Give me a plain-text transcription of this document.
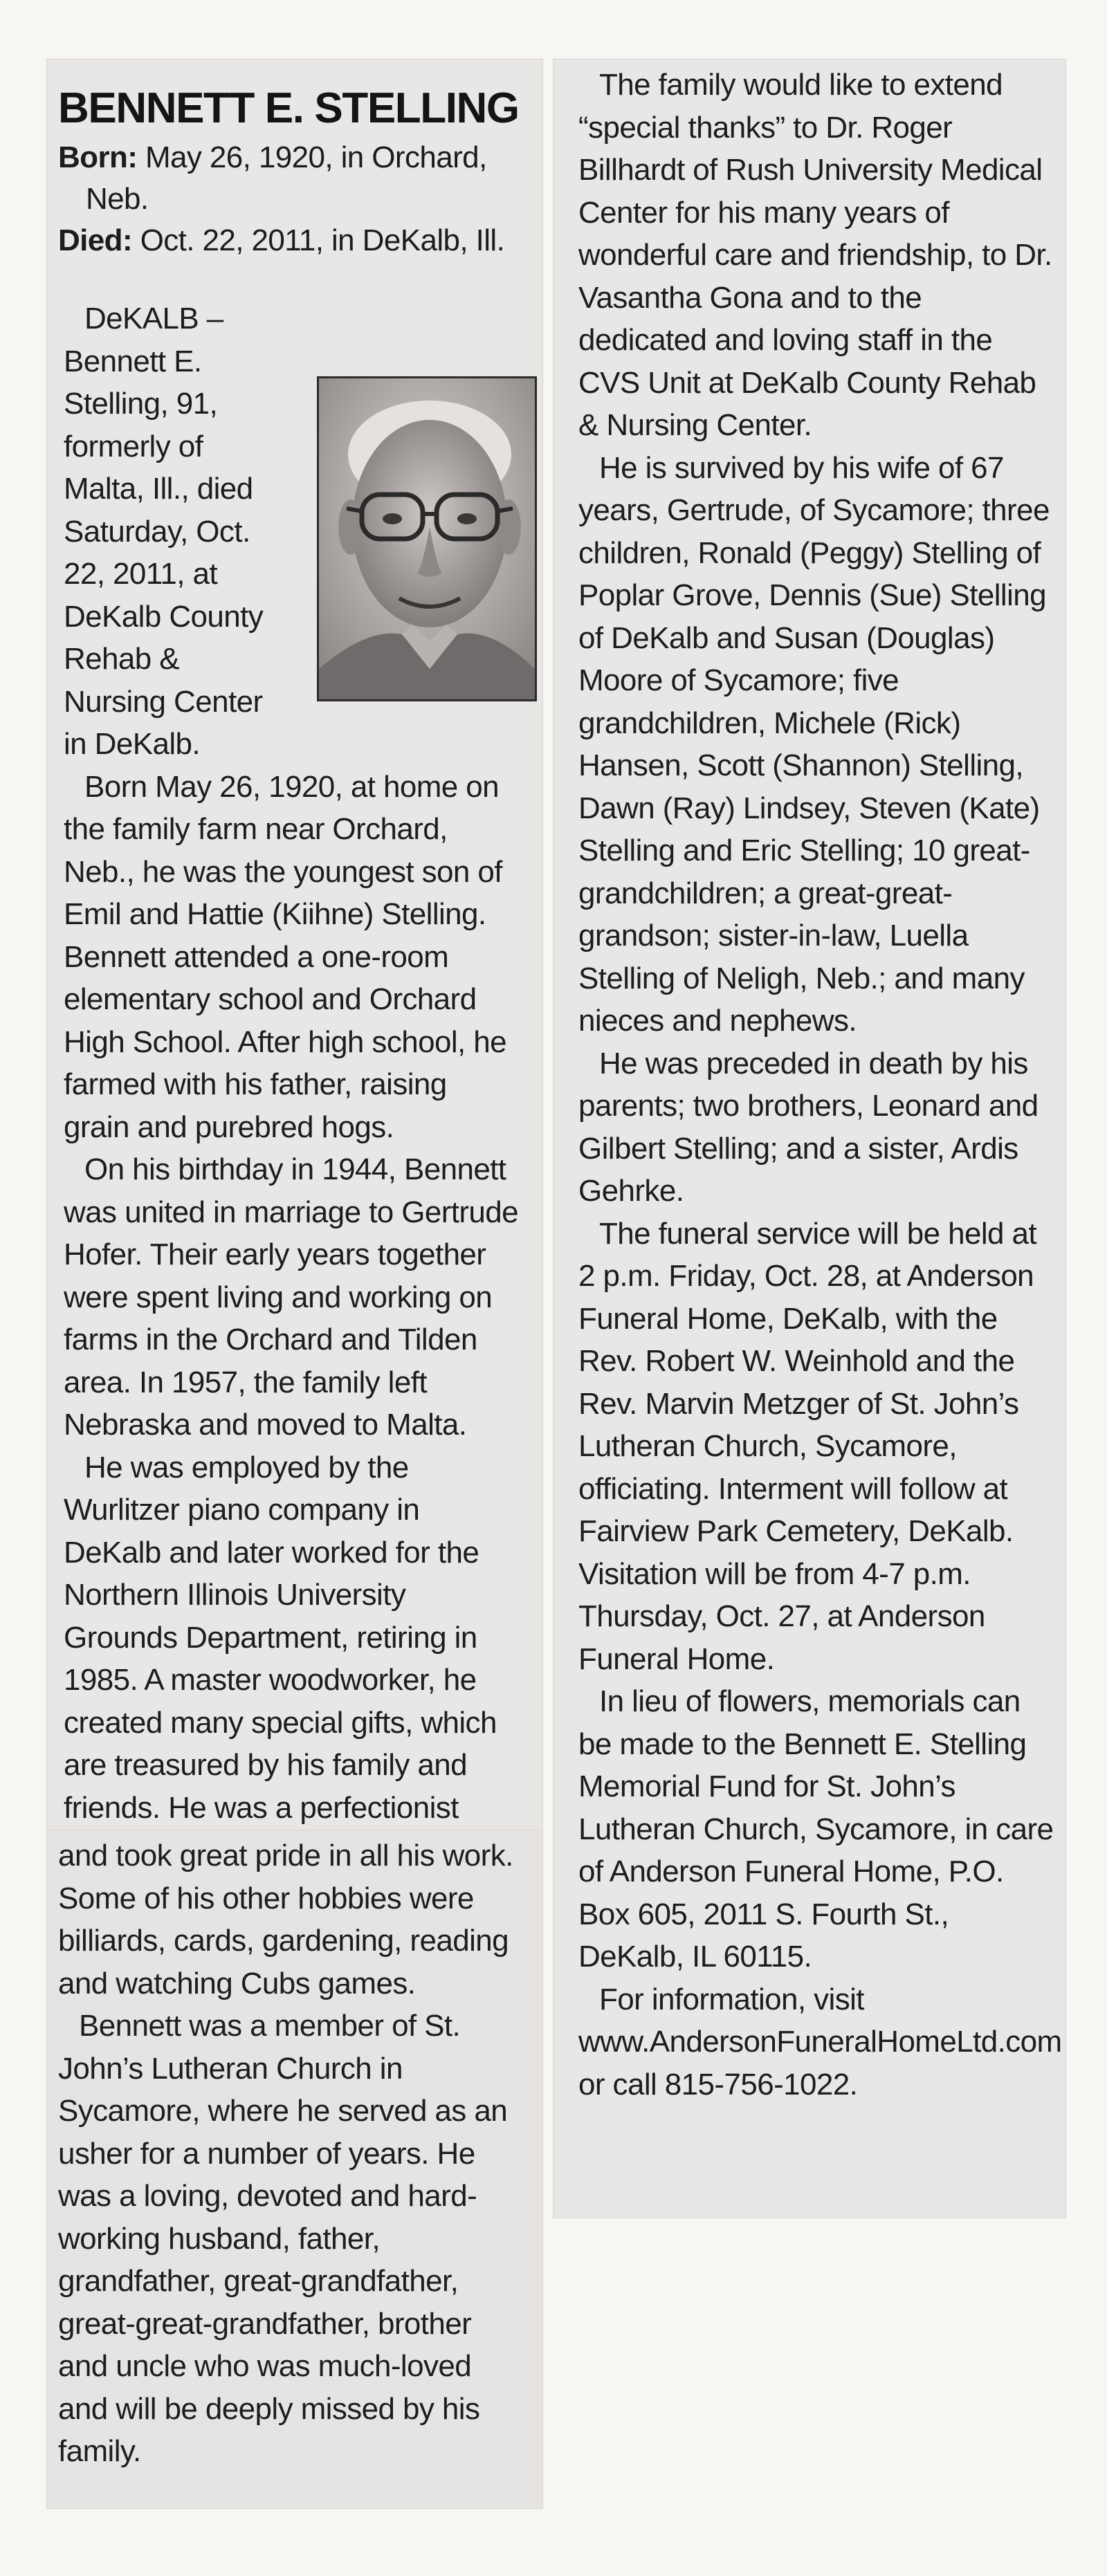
BENNETT E. STELLING

Born: May 26, 1920, in Orchard,

Neb.

Died: Oct. 22, 2011, in DeKalb, Ill.

DeKALB – Bennett E. Stelling, 91, formerly of Malta, Ill., died Saturday, Oct. 22, 2011, at DeKalb County Rehab & Nursing Center in DeKalb.

Born May 26, 1920, at home on the family farm near Orchard, Neb., he was the youngest son of Emil and Hattie (Kiihne) Stelling. Bennett attended a one-room elementary school and Orchard High School. After high school, he farmed with his father, raising grain and purebred hogs.

On his birthday in 1944, Bennett was united in marriage to Gertrude Hofer. Their early years together were spent living and working on farms in the Orchard and Tilden area. In 1957, the family left Nebraska and moved to Malta.

He was employed by the Wurlitzer piano company in DeKalb and later worked for the Northern Illinois University Grounds Department, retiring in 1985. A master woodworker, he created many special gifts, which are treasured by his family and friends. He was a perfectionist

and took great pride in all his work. Some of his other hobbies were billiards, cards, gardening, reading and watching Cubs games.

Bennett was a member of St. John’s Lutheran Church in Sycamore, where he served as an usher for a number of years. He was a loving, devoted and hard-working husband, father, grandfather, great-grandfather, great-great-grandfather, brother and uncle who was much-loved and will be deeply missed by his family.

The family would like to extend “special thanks” to Dr. Roger Billhardt of Rush University Medical Center for his many years of wonderful care and friendship, to Dr. Vasantha Gona and to the dedicated and loving staff in the CVS Unit at DeKalb County Rehab & Nursing Center.

He is survived by his wife of 67 years, Gertrude, of Sycamore; three children, Ronald (Peggy) Stelling of Poplar Grove, Dennis (Sue) Stelling of DeKalb and Susan (Douglas) Moore of Sycamore; five grandchildren, Michele (Rick) Hansen, Scott (Shannon) Stelling, Dawn (Ray) Lindsey, Steven (Kate) Stelling and Eric Stelling; 10 great-grandchildren; a great-great-grandson; sister-in-law, Luella Stelling of Neligh, Neb.; and many nieces and nephews.

He was preceded in death by his parents; two brothers, Leonard and Gilbert Stelling; and a sister, Ardis Gehrke.

The funeral service will be held at 2 p.m. Friday, Oct. 28, at Anderson Funeral Home, DeKalb, with the Rev. Robert W. Weinhold and the Rev. Marvin Metzger of St. John’s Lutheran Church, Sycamore, officiating. Interment will follow at Fairview Park Cemetery, DeKalb. Visitation will be from 4-7 p.m. Thursday, Oct. 27, at Anderson Funeral Home.

In lieu of flowers, memorials can be made to the Bennett E. Stelling Memorial Fund for St. John’s Lutheran Church, Sycamore, in care of Anderson Funeral Home, P.O. Box 605, 2011 S. Fourth St., DeKalb, IL 60115.

For information, visit www.AndersonFuneralHomeLtd.com or call 815-756-1022.
